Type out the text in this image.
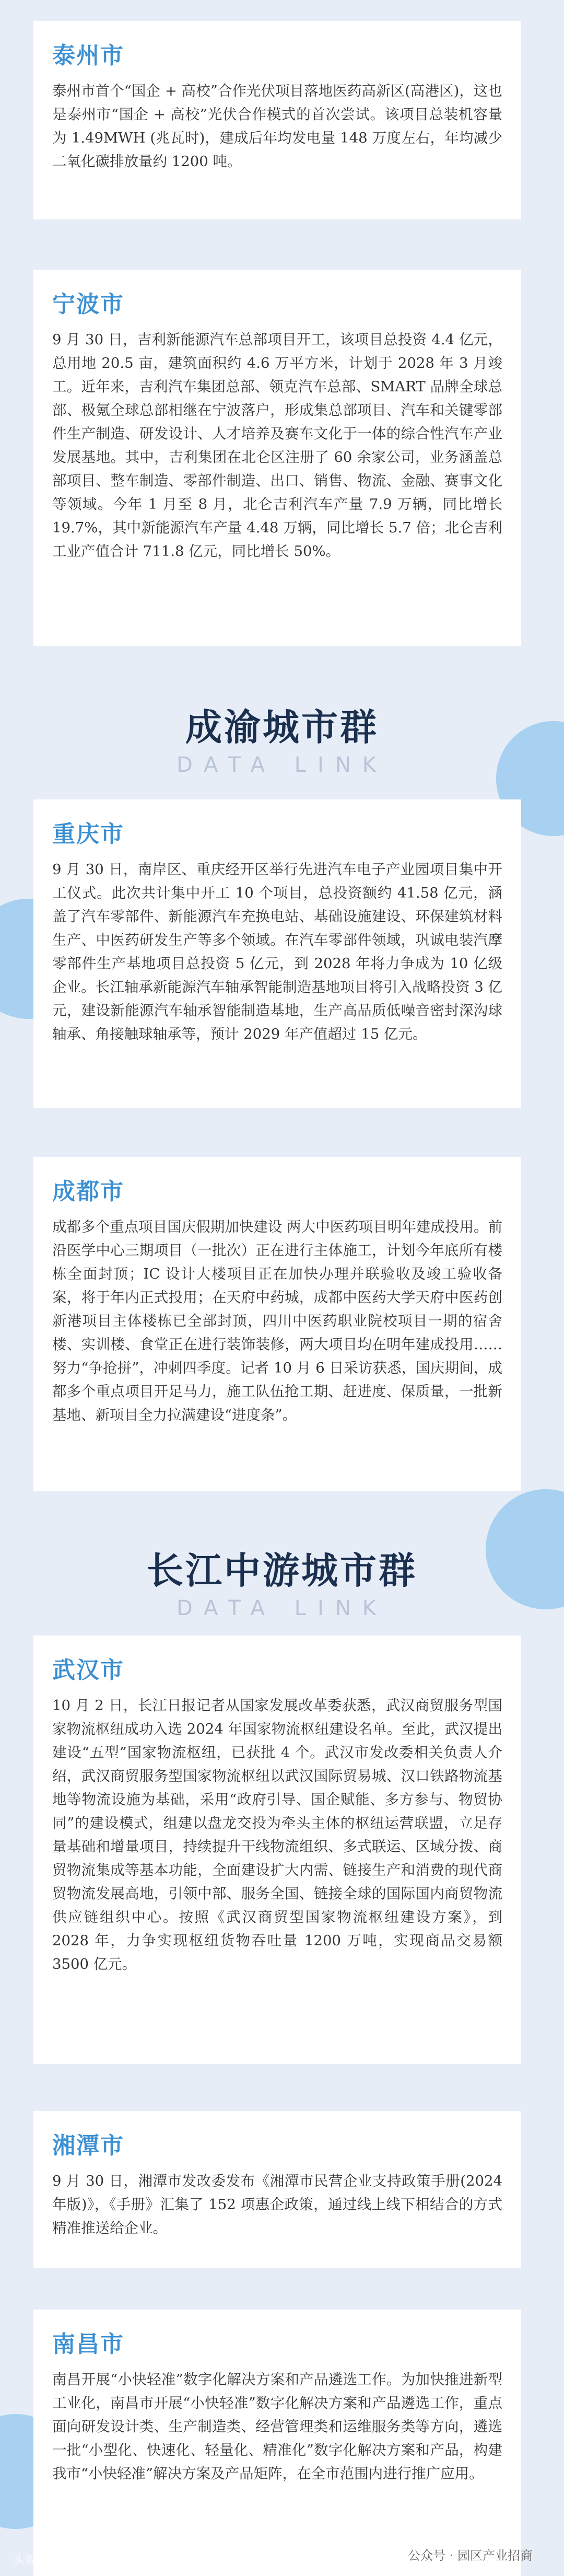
泰州市

泰州市首个“国企 + 高校”合作光伏项目落地医药高新区(高港区)，这也是泰州市“国企 + 高校”光伏合作模式的首次尝试。该项目总装机容量为 1.49MWH (兆瓦时)，建成后年均发电量 148 万度左右，年均减少二氧化碳排放量约 1200 吨。

宁波市

9 月 30 日，吉利新能源汽车总部项目开工，该项目总投资 4.4 亿元，总用地 20.5 亩，建筑面积约 4.6 万平方米，计划于 2028 年 3 月竣工。近年来，吉利汽车集团总部、领克汽车总部、SMART 品牌全球总部、极氪全球总部相继在宁波落户，形成集总部项目、汽车和关键零部件生产制造、研发设计、人才培养及赛车文化于一体的综合性汽车产业发展基地。其中，吉利集团在北仑区注册了 60 余家公司，业务涵盖总部项目、整车制造、零部件制造、出口、销售、物流、金融、赛事文化等领域。今年 1 月至 8 月，北仑吉利汽车产量 7.9 万辆，同比增长 19.7%，其中新能源汽车产量 4.48 万辆，同比增长 5.7 倍；北仑吉利工业产值合计 711.8 亿元，同比增长 50%。

成渝城市群
DATA LINK
重庆市

9 月 30 日，南岸区、重庆经开区举行先进汽车电子产业园项目集中开工仪式。此次共计集中开工 10 个项目，总投资额约 41.58 亿元，涵盖了汽车零部件、新能源汽车充换电站、基础设施建设、环保建筑材料生产、中医药研发生产等多个领域。在汽车零部件领域，巩诚电装汽摩零部件生产基地项目总投资 5 亿元，到 2028 年将力争成为 10 亿级企业。长江轴承新能源汽车轴承智能制造基地项目将引入战略投资 3 亿元，建设新能源汽车轴承智能制造基地，生产高品质低噪音密封深沟球轴承、角接触球轴承等，预计 2029 年产值超过 15 亿元。

成都市

成都多个重点项目国庆假期加快建设 两大中医药项目明年建成投用。前沿医学中心三期项目（一批次）正在进行主体施工，计划今年底所有楼栋全面封顶；IC 设计大楼项目正在加快办理并联验收及竣工验收备案，将于年内正式投用；在天府中药城，成都中医药大学天府中医药创新港项目主体楼栋已全部封顶，四川中医药职业院校项目一期的宿舍楼、实训楼、食堂正在进行装饰装修，两大项目均在明年建成投用……努力“争抢拼”，冲刺四季度。记者 10 月 6 日采访获悉，国庆期间，成都多个重点项目开足马力，施工队伍抢工期、赶进度、保质量，一批新基地、新项目全力拉满建设“进度条”。

长江中游城市群
DATA LINK
武汉市

10 月 2 日，长江日报记者从国家发展改革委获悉，武汉商贸服务型国家物流枢纽成功入选 2024 年国家物流枢纽建设名单。至此，武汉提出建设“五型”国家物流枢纽，已获批 4 个。武汉市发改委相关负责人介绍，武汉商贸服务型国家物流枢纽以武汉国际贸易城、汉口铁路物流基地等物流设施为基础，采用“政府引导、国企赋能、多方参与、物贸协同”的建设模式，组建以盘龙交投为牵头主体的枢纽运营联盟，立足存量基础和增量项目，持续提升干线物流组织、多式联运、区域分拨、商贸物流集成等基本功能，全面建设扩大内需、链接生产和消费的现代商贸物流发展高地，引领中部、服务全国、链接全球的国际国内商贸物流供应链组织中心。按照《武汉商贸型国家物流枢纽建设方案》，到 2028 年，力争实现枢纽货物吞吐量 1200 万吨，实现商品交易额 3500 亿元。

湘潭市

9 月 30 日，湘潭市发改委发布《湘潭市民营企业支持政策手册(2024 年版)》，《手册》汇集了 152 项惠企政策，通过线上线下相结合的方式精准推送给企业。

南昌市

南昌开展“小快轻准”数字化解决方案和产品遴选工作。为加快推进新型工业化，南昌市开展“小快轻准”数字化解决方案和产品遴选工作，重点面向研发设计类、生产制造类、经营管理类和运维服务类等方向，遴选一批“小型化、快速化、轻量化、精准化”数字化解决方案和产品，构建我市“小快轻准”解决方案及产品矩阵，在全市范围内进行推广应用。

头条@园区	公众号 · 园区产业招商
